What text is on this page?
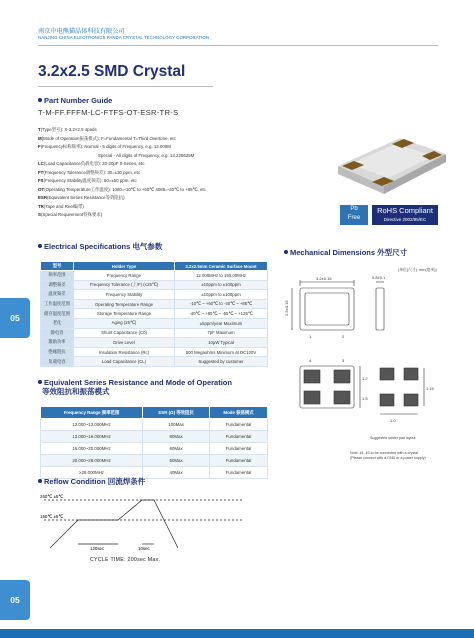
南京中电熊猫晶体科技有限公司
NANJING CHINA ELECTRONICS PANDA CRYSTAL TECHNOLOGY CORPORATION
3.2x2.5 SMD Crystal
Part Number Guide
T-M-FF.FFFM-LC-FTFS-OT-ESR-TR-S
T(Type型号): X-3.2×2.5 4pads
M(Mode of Operation振荡模式): F=Fundamental T=Third Overtone, etc
F(Frequency标称频率): Normal - 5 digits of Frequency, e.g. 12.000M
Special - All digits of Frequency, e.g. 13.225625M
LC(Load Capacitance负载电容): 20-20pF 0-Series, etc
FT(Frequency Tolerance调整频差): 30=±30 ppm, etc
FS(Frequency Stability温度频差): 50=±50 ppm, etc
OT(Operating Temperature工作温度): 1060=-10℃ to +60℃ 4085=-40℃ to +85℃, etc
ESR(Equivalent Series Resistance等效阻抗)
TR(Tape and Reel编带)
S(Special Requirement特殊要求)
Pb
Free
RoHS Compliant
Directive 2002/95/EC
05
05
Electrical Specifications 电气参数
型号	Holder Type	3.2x2.5mm Ceramic Surface Mount
频率范围	Frequency Range	12.000MHz to 150.00MHz
调整频差	Frequency Tolerance (上/F) (≤25℃)	±10ppm to ±100ppm
温度频差	Frequency Stability	±10ppm to ±100ppm
工作温度范围	Operating Temperature Range	-10℃ ~ +60℃ to -40℃ ~ +85℃
储存温度范围	Storage Temperature Range	-40℃ ~ +85℃ ~ -55℃ ~ +125℃
老化	Aging (25℃)	±5ppm/year Maximum
静电容	Shunt Capacitance (C0)	7pF Maximum
激励功率	Drive Level	10μW Typical
绝缘阻抗	Insulation Resistance (Rc)	500 Megaohms Minimum at DC100V
负载电容	Load Capacitance (CL)	Suggested by customer
Equivalent Series Resistance and Mode of Operation
等效阻抗和振荡模式
Frequency Range 频率范围	ESR (Ω) 等效阻抗	Mode 振荡模式
12.000~13.000MHz	100Max	Fundamental
13.000~16.000MHz	80Max	Fundamental
16.000~20.000MHz	60Max	Fundamental
20.000~28.000MHz	50Max	Fundamental
≥28.000MHz	40Max	Fundamental
Mechanical Dimensions 外型尺寸
(单位(尺寸): mm(毫米))
3.2±0.15
2.5±0.15
0.8±0.1
1	2
4	3
1.2
1.5
1.0
1.15
Suggested solder pad layout
Note: #1, #3 to be connected with a crystal
(Please connect with a GND or a power supply)
Reflow Condition 回流焊条件
260℃ ±5℃
150℃ ±5℃
120sec	10sec
CYCLE TIME: 200sec Max.
